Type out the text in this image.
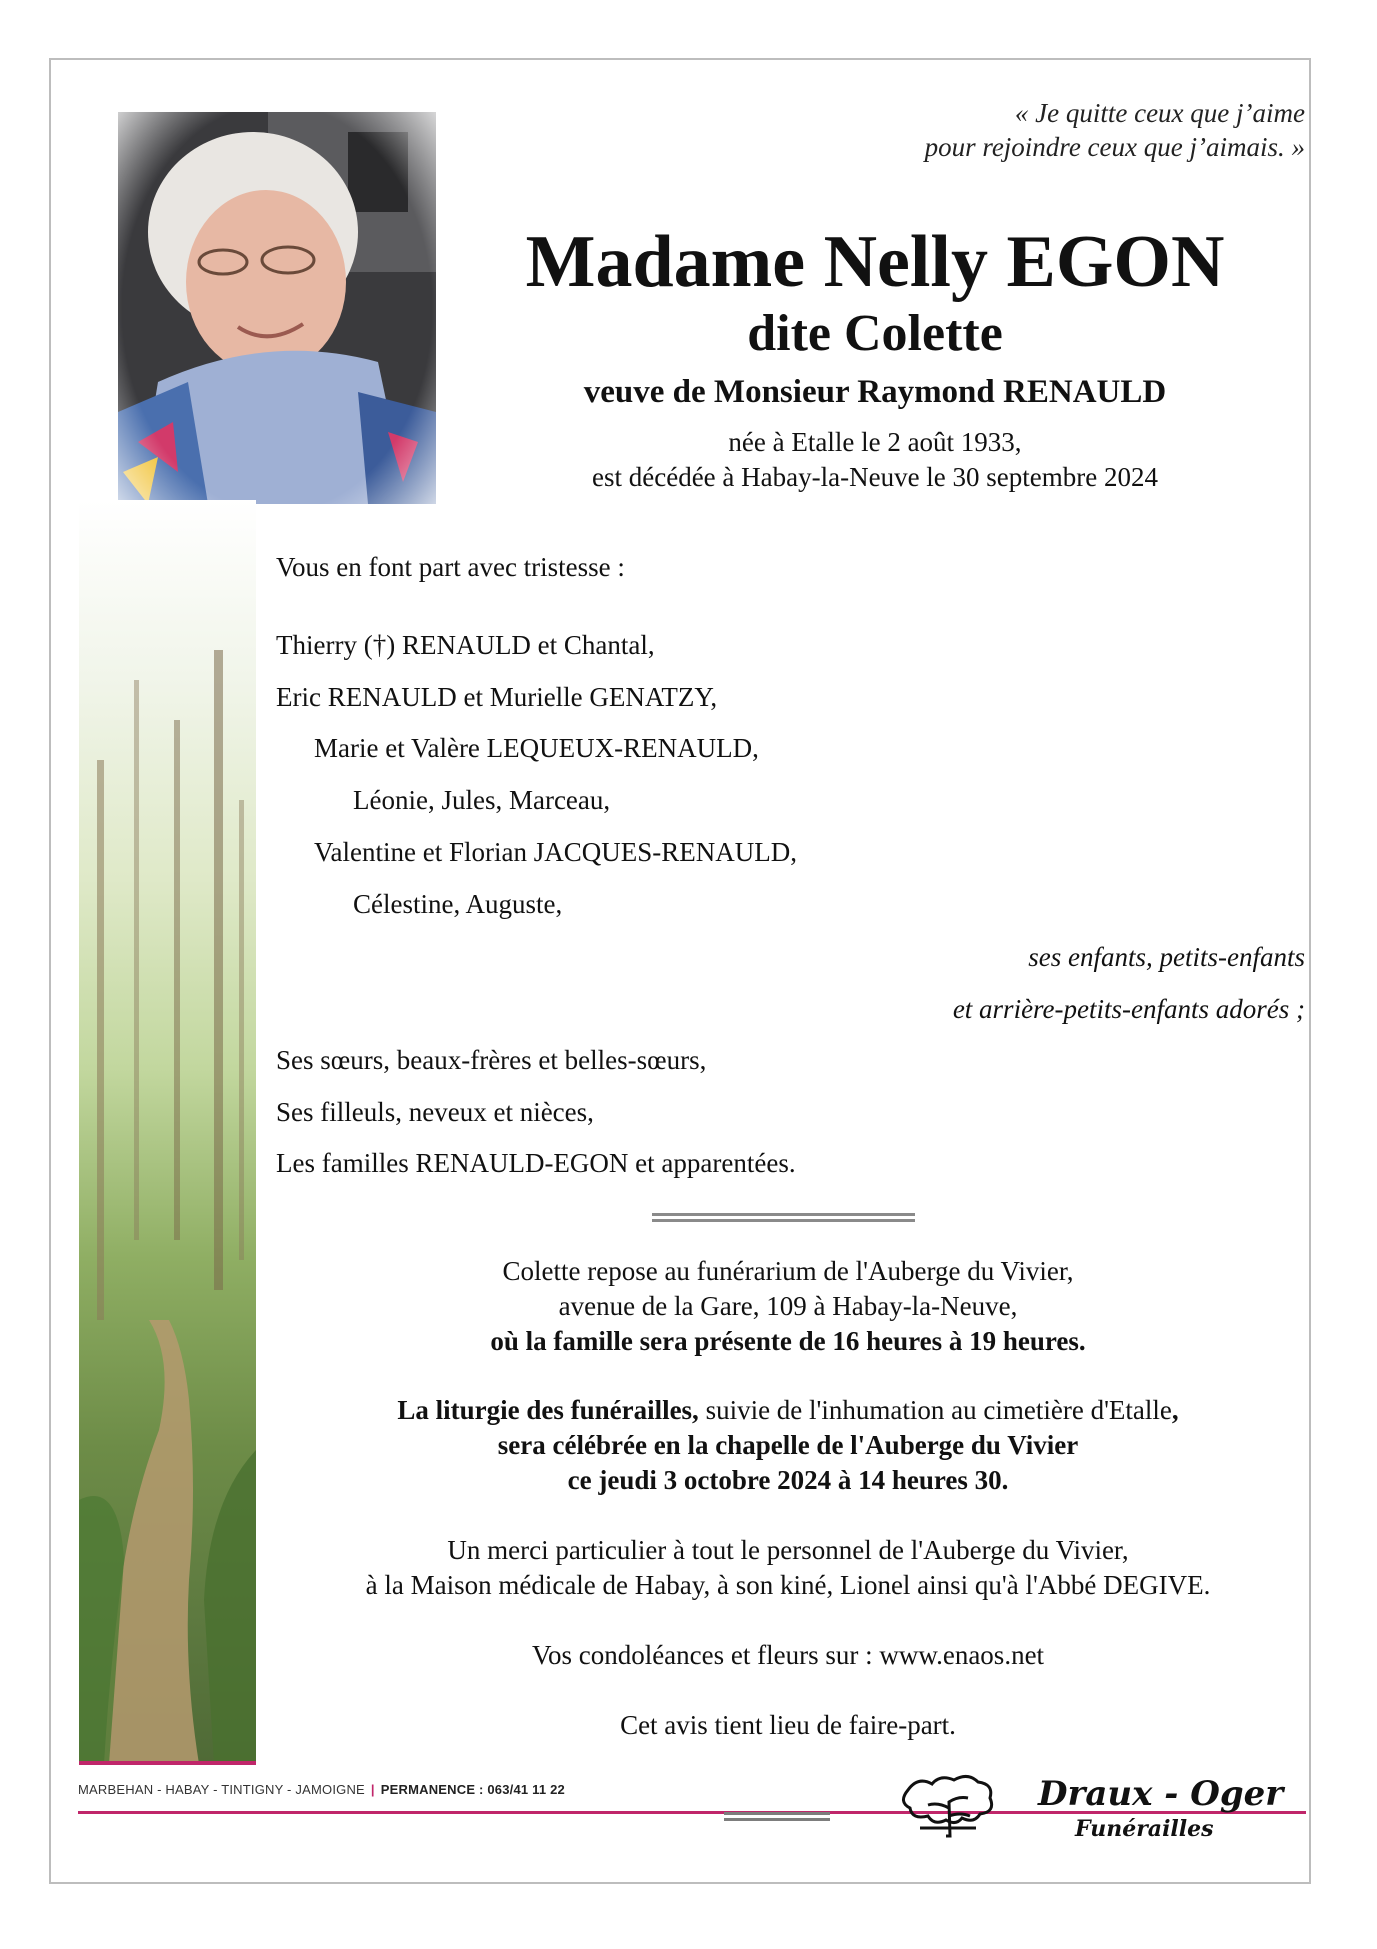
« Je quitte ceux que j’aime
pour rejoindre ceux que j’aimais. »
Madame Nelly EGON
dite Colette
veuve de Monsieur Raymond RENAULD
née à Etalle le 2 août 1933,
est décédée à Habay-la-Neuve le 30 septembre 2024
Vous en font part avec tristesse :
Thierry (†) RENAULD et Chantal,
Eric RENAULD et Murielle GENATZY,
Marie et Valère LEQUEUX-RENAULD,
Léonie, Jules, Marceau,
Valentine et Florian JACQUES-RENAULD,
Célestine, Auguste,
ses enfants, petits-enfants
et arrière-petits-enfants adorés ;
Ses sœurs, beaux-frères et belles-sœurs,
Ses filleuls, neveux et nièces,
Les familles RENAULD-EGON et apparentées.
Colette repose au funérarium de l'Auberge du Vivier,
avenue de la Gare, 109 à Habay-la-Neuve,
où la famille sera présente de 16 heures à 19 heures.
La liturgie des funérailles, suivie de l'inhumation au cimetière d'Etalle,
sera célébrée en la chapelle de l'Auberge du Vivier
ce jeudi 3 octobre 2024 à 14 heures 30.
Un merci particulier à tout le personnel de l'Auberge du Vivier,
à la Maison médicale de Habay, à son kiné, Lionel ainsi qu'à l'Abbé DEGIVE.
Vos condoléances et fleurs sur : www.enaos.net
Cet avis tient lieu de faire-part.
MARBEHAN - HABAY - TINTIGNY - JAMOIGNE | PERMANENCE : 063/41 11 22	Draux - Oger
Funérailles
